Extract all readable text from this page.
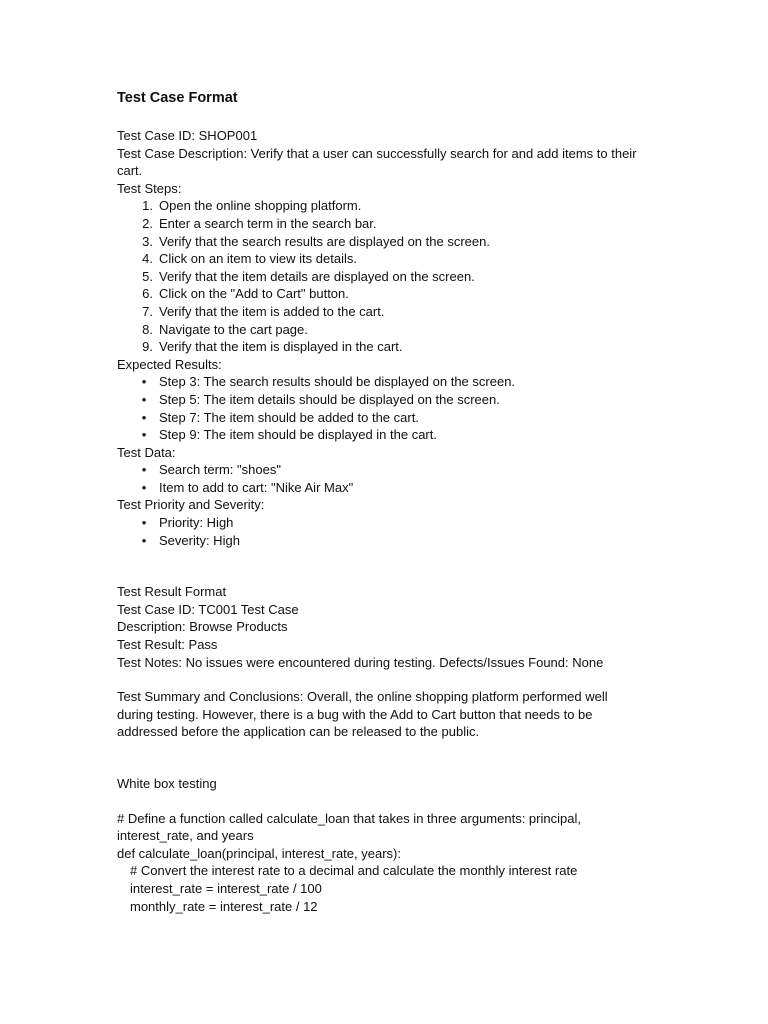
Test Case Format
Test Case ID: SHOP001
Test Case Description: Verify that a user can successfully search for and add items to their
cart.
Test Steps:
1. Open the online shopping platform.
2. Enter a search term in the search bar.
3. Verify that the search results are displayed on the screen.
4. Click on an item to view its details.
5. Verify that the item details are displayed on the screen.
6. Click on the "Add to Cart" button.
7. Verify that the item is added to the cart.
8. Navigate to the cart page.
9. Verify that the item is displayed in the cart.
Expected Results:
• Step 3: The search results should be displayed on the screen.
• Step 5: The item details should be displayed on the screen.
• Step 7: The item should be added to the cart.
• Step 9: The item should be displayed in the cart.
Test Data:
• Search term: "shoes"
• Item to add to cart: "Nike Air Max"
Test Priority and Severity:
• Priority: High
• Severity: High
Test Result Format
Test Case ID: TC001 Test Case
Description: Browse Products
Test Result: Pass
Test Notes: No issues were encountered during testing. Defects/Issues Found: None
Test Summary and Conclusions: Overall, the online shopping platform performed well
during testing. However, there is a bug with the Add to Cart button that needs to be
addressed before the application can be released to the public.
White box testing
# Define a function called calculate_loan that takes in three arguments: principal,
interest_rate, and years
def calculate_loan(principal, interest_rate, years):
# Convert the interest rate to a decimal and calculate the monthly interest rate
interest_rate = interest_rate / 100
monthly_rate = interest_rate / 12
